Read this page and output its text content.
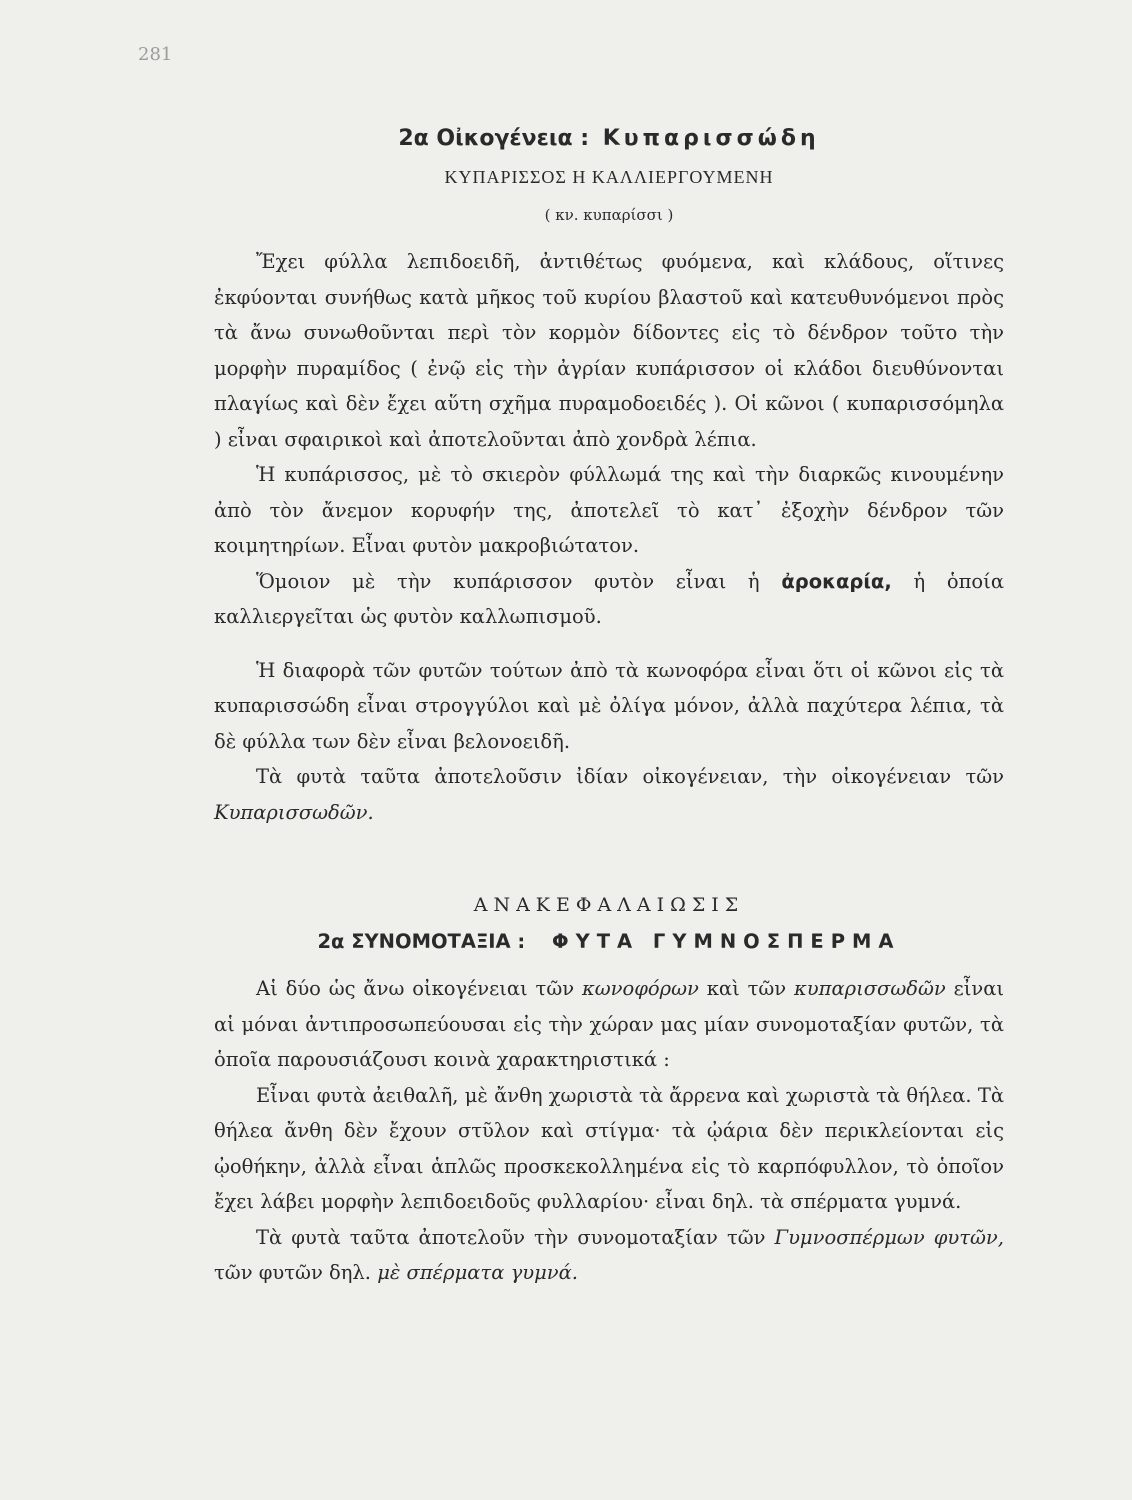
281
2α Οἰκογένεια : Κυπαρισσώδη
ΚΥΠΑΡΙΣΣΟΣ Η ΚΑΛΛΙΕΡΓΟΥΜΕΝΗ
( κν. κυπαρίσσι )

Ἔχει φύλλα λεπιδοειδῆ, ἀντιθέτως φυόμενα, καὶ κλάδους, οἵτινες ἐκφύονται συνήθως κατὰ μῆκος τοῦ κυρίου βλαστοῦ καὶ κατευθυνόμενοι πρὸς τὰ ἄνω συνωθοῦνται περὶ τὸν κορμὸν δίδοντες εἰς τὸ δένδρον τοῦτο τὴν μορφὴν πυραμίδος ( ἐνῷ εἰς τὴν ἀγρίαν κυπάρισσον οἱ κλάδοι διευθύνονται πλαγίως καὶ δὲν ἔχει αὕτη σχῆμα πυραμοδοειδές ). Οἱ κῶνοι ( κυπαρισσόμηλα ) εἶναι σφαιρικοὶ καὶ ἀποτελοῦνται ἀπὸ χονδρὰ λέπια.

Ἡ κυπάρισσος, μὲ τὸ σκιερὸν φύλλωμά της καὶ τὴν διαρκῶς κινουμένην ἀπὸ τὸν ἄνεμον κορυφήν της, ἀποτελεῖ τὸ κατ᾽ ἐξοχὴν δένδρον τῶν κοιμητηρίων. Εἶναι φυτὸν μακροβιώτατον.

Ὅμοιον μὲ τὴν κυπάρισσον φυτὸν εἶναι ἡ ἀροκαρία, ἡ ὁποία καλλιεργεῖται ὡς φυτὸν καλλωπισμοῦ.

Ἡ διαφορὰ τῶν φυτῶν τούτων ἀπὸ τὰ κωνοφόρα εἶναι ὅτι οἱ κῶνοι εἰς τὰ κυπαρισσώδη εἶναι στρογγύλοι καὶ μὲ ὀλίγα μόνον, ἀλλὰ παχύτερα λέπια, τὰ δὲ φύλλα των δὲν εἶναι βελονοειδῆ.

Τὰ φυτὰ ταῦτα ἀποτελοῦσιν ἰδίαν οἰκογένειαν, τὴν οἰκογένειαν τῶν Κυπαρισσωδῶν.

ΑΝΑΚΕΦΑΛΑΙΩΣΙΣ
2α ΣΥΝΟΜΟΤΑΞΙΑ : ΦΥΤΑ ΓΥΜΝΟΣΠΕΡΜΑ

Αἱ δύο ὡς ἄνω οἰκογένειαι τῶν κωνοφόρων καὶ τῶν κυπαρισσωδῶν εἶναι αἱ μόναι ἀντιπροσωπεύουσαι εἰς τὴν χώραν μας μίαν συνομοταξίαν φυτῶν, τὰ ὁποῖα παρουσιάζουσι κοινὰ χαρακτηριστικά :

Εἶναι φυτὰ ἀειθαλῆ, μὲ ἄνθη χωριστὰ τὰ ἄρρενα καὶ χωριστὰ τὰ θήλεα. Τὰ θήλεα ἄνθη δὲν ἔχουν στῦλον καὶ στίγμα· τὰ ᾠάρια δὲν περικλείονται εἰς ᾠοθήκην, ἀλλὰ εἶναι ἁπλῶς προσκεκολλημένα εἰς τὸ καρπόφυλλον, τὸ ὁποῖον ἔχει λάβει μορφὴν λεπιδοειδοῦς φυλλαρίου· εἶναι δηλ. τὰ σπέρματα γυμνά.

Τὰ φυτὰ ταῦτα ἀποτελοῦν τὴν συνομοταξίαν τῶν Γυμνοσπέρμων φυτῶν, τῶν φυτῶν δηλ. μὲ σπέρματα γυμνά.
